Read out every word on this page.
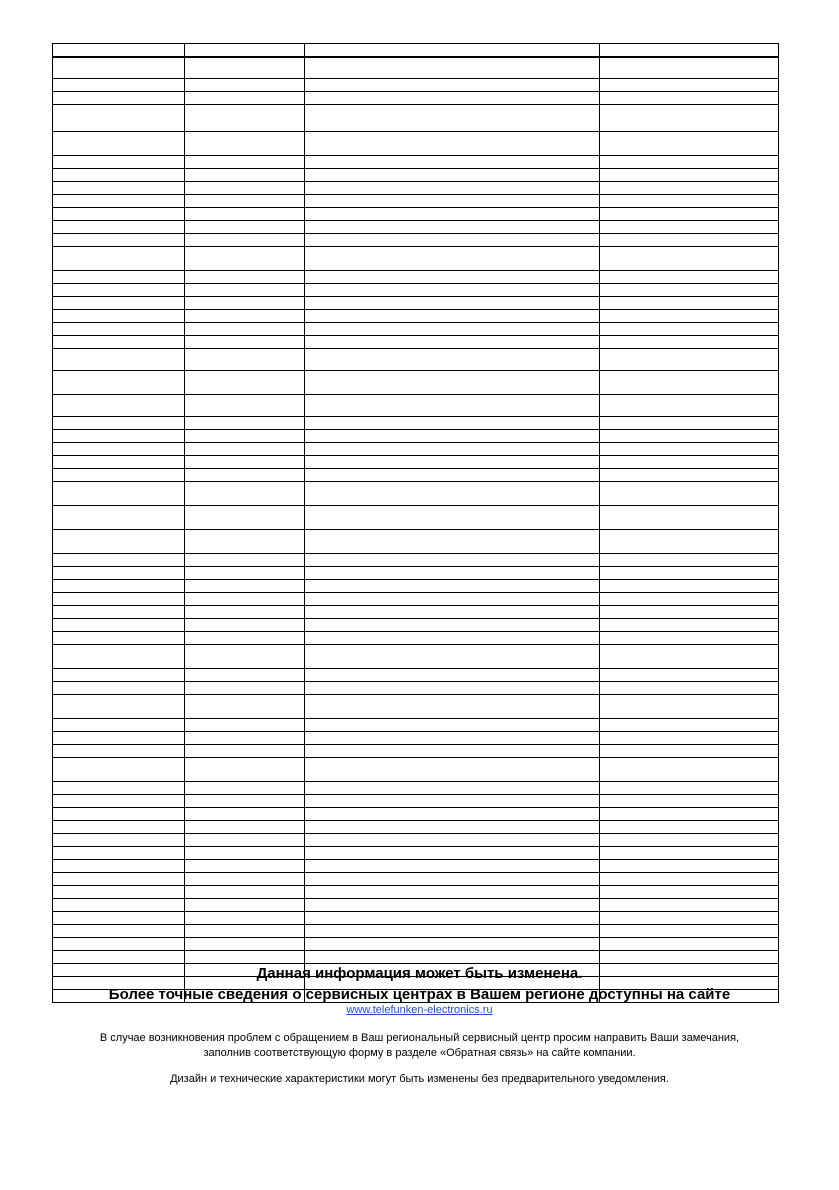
Данная информация может быть изменена.
Более точные сведения о сервисных центрах в Вашем регионе доступны на сайте
www.telefunken-electronics.ru
В случае возникновения проблем с обращением в Ваш региональный сервисный центр просим направить Ваши замечания,
заполнив соответствующую форму в разделе «Обратная связь» на сайте компании.
Дизайн и технические характеристики могут быть изменены без предварительного уведомления.
